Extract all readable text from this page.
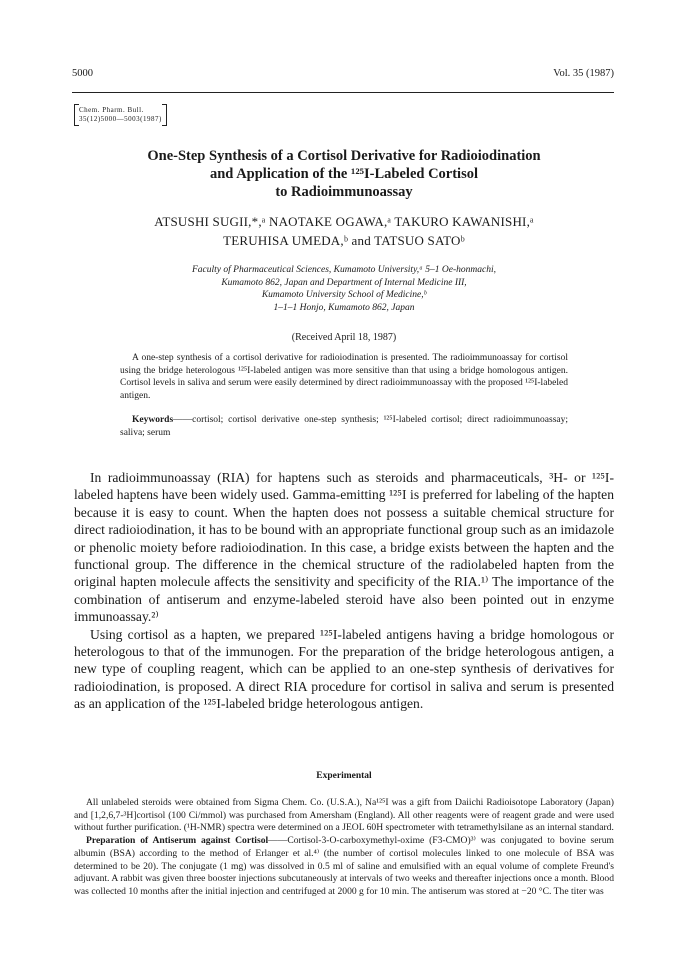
5000	Vol. 35 (1987)
Chem. Pharm. Bull.
35(12)5000—5003(1987)
One-Step Synthesis of a Cortisol Derivative for Radioiodination
and Application of the ¹²⁵I-Labeled Cortisol
to Radioimmunoassay
ATSUSHI SUGII,*,ᵃ NAOTAKE OGAWA,ᵃ TAKURO KAWANISHI,ᵃ
TERUHISA UMEDA,ᵇ and TATSUO SATOᵇ
Faculty of Pharmaceutical Sciences, Kumamoto University,ᵃ 5–1 Oe-honmachi,
Kumamoto 862, Japan and Department of Internal Medicine III,
Kumamoto University School of Medicine,ᵇ
1–1–1 Honjo, Kumamoto 862, Japan
(Received April 18, 1987)

A one-step synthesis of a cortisol derivative for radioiodination is presented. The radioimmunoassay for cortisol using the bridge heterologous ¹²⁵I-labeled antigen was more sensitive than that using a bridge homologous antigen. Cortisol levels in saliva and serum were easily determined by direct radioimmunoassay with the proposed ¹²⁵I-labeled antigen.

Keywords——cortisol; cortisol derivative one-step synthesis; ¹²⁵I-labeled cortisol; direct radioimmunoassay; saliva; serum

In radioimmunoassay (RIA) for haptens such as steroids and pharmaceuticals, ³H- or ¹²⁵I-labeled haptens have been widely used. Gamma-emitting ¹²⁵I is preferred for labeling of the hapten because it is easy to count. When the hapten does not possess a suitable chemical structure for direct radioiodination, it has to be bound with an appropriate functional group such as an imidazole or phenolic moiety before radioiodination. In this case, a bridge exists between the hapten and the functional group. The difference in the chemical structure of the radiolabeled hapten from the original hapten molecule affects the sensitivity and specificity of the RIA.¹⁾ The importance of the combination of antiserum and enzyme-labeled steroid have also been pointed out in enzyme immunoassay.²⁾

Using cortisol as a hapten, we prepared ¹²⁵I-labeled antigens having a bridge homologous or heterologous to that of the immunogen. For the preparation of the bridge heterologous antigen, a new type of coupling reagent, which can be applied to an one-step synthesis of derivatives for radioiodination, is proposed. A direct RIA procedure for cortisol in saliva and serum is presented as an application of the ¹²⁵I-labeled bridge heterologous antigen.

Experimental

All unlabeled steroids were obtained from Sigma Chem. Co. (U.S.A.), Na¹²⁵I was a gift from Daiichi Radioisotope Laboratory (Japan) and [1,2,6,7-³H]cortisol (100 Ci/mmol) was purchased from Amersham (England). All other reagents were of reagent grade and were used without further purification. (¹H-NMR) spectra were determined on a JEOL 60H spectrometer with tetramethylsilane as an internal standard.

Preparation of Antiserum against Cortisol——Cortisol-3-O-carboxymethyl-oxime (F3-CMO)³⁾ was conjugated to bovine serum albumin (BSA) according to the method of Erlanger et al.⁴⁾ (the number of cortisol molecules linked to one molecule of BSA was determined to be 20). The conjugate (1 mg) was dissolved in 0.5 ml of saline and emulsified with an equal volume of complete Freund's adjuvant. A rabbit was given three booster injections subcutaneously at intervals of two weeks and thereafter injections once a month. Blood was collected 10 months after the initial injection and centrifuged at 2000 g for 10 min. The antiserum was stored at −20 °C. The titer was
